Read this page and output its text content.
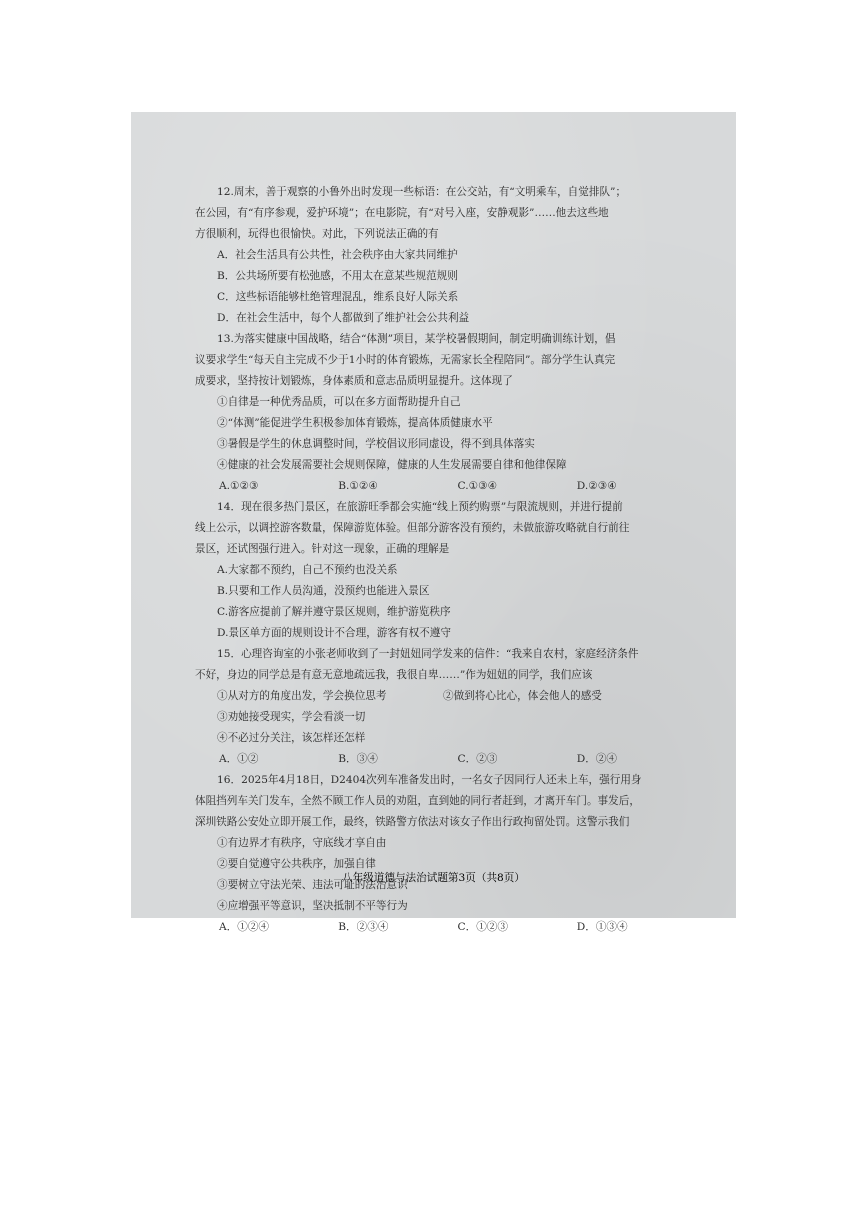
12.周末，善于观察的小鲁外出时发现一些标语：在公交站，有“文明乘车，自觉排队”；
在公园，有“有序参观，爱护环境”；在电影院，有“对号入座，安静观影”……他去这些地
方很顺利，玩得也很愉快。对此，下列说法正确的有
A．社会生活具有公共性，社会秩序由大家共同维护
B．公共场所要有松弛感，不用太在意某些规范规则
C．这些标语能够杜绝管理混乱，维系良好人际关系
D．在社会生活中，每个人都做到了维护社会公共利益
13.为落实健康中国战略，结合“体测”项目，某学校暑假期间，制定明确训练计划，倡
议要求学生“每天自主完成不少于1小时的体育锻炼，无需家长全程陪同”。部分学生认真完
成要求，坚持按计划锻炼，身体素质和意志品质明显提升。这体现了
①自律是一种优秀品质，可以在多方面帮助提升自己
②“体测”能促进学生积极参加体育锻炼，提高体质健康水平
③暑假是学生的休息调整时间，学校倡议形同虚设，得不到具体落实
④健康的社会发展需要社会规则保障，健康的人生发展需要自律和他律保障
A.①②③	B.①②④	C.①③④	D.②③④
14．现在很多热门景区，在旅游旺季都会实施“线上预约购票”与限流规则，并进行提前
线上公示，以调控游客数量，保障游览体验。但部分游客没有预约，未做旅游攻略就自行前往
景区，还试图强行进入。针对这一现象，正确的理解是
A.大家都不预约，自己不预约也没关系
B.只要和工作人员沟通，没预约也能进入景区
C.游客应提前了解并遵守景区规则，维护游览秩序
D.景区单方面的规则设计不合理，游客有权不遵守
15．心理咨询室的小张老师收到了一封妞妞同学发来的信件：“我来自农村，家庭经济条件
不好，身边的同学总是有意无意地疏远我，我很自卑……”作为妞妞的同学，我们应该
①从对方的角度出发，学会换位思考	②做到将心比心，体会他人的感受
③劝她接受现实，学会看淡一切
④不必过分关注，该怎样还怎样
A．①②	B．③④	C．②③	D．②④
16．2025年4月18日，D2404次列车准备发出时，一名女子因同行人还未上车，强行用身
体阻挡列车关门发车，全然不顾工作人员的劝阻，直到她的同行者赶到，才离开车门。事发后，
深圳铁路公安处立即开展工作，最终，铁路警方依法对该女子作出行政拘留处罚。这警示我们
①有边界才有秩序，守底线才享自由
②要自觉遵守公共秩序，加强自律
③要树立守法光荣、违法可耻的法治意识
④应增强平等意识，坚决抵制不平等行为
A．①②④	B．②③④	C．①②③	D．①③④
八年级道德与法治试题第3页（共8页）
